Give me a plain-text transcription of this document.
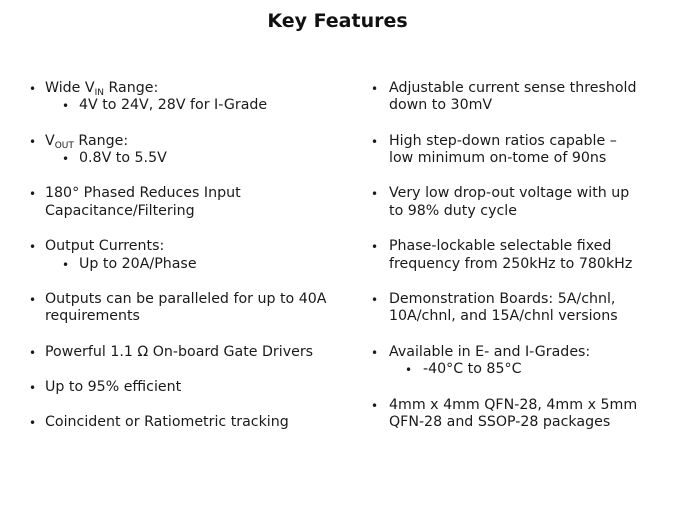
Key Features
• Wide $V_{IN}$ Range:
• 4V to 24V, 28V for I-Grade
• $V_{OUT}$ Range:
• 0.8V to 5.5V
• 180° Phased Reduces Input
Capacitance/Filtering
• Output Currents:
• Up to 20A/Phase
• Outputs can be paralleled for up to 40A
requirements
• Powerful 1.1 Ω On-board Gate Drivers
• Up to 95% efficient
• Coincident or Ratiometric tracking
• Adjustable current sense threshold
down to 30mV
• High step-down ratios capable –
low minimum on-tome of 90ns
• Very low drop-out voltage with up
to 98% duty cycle
• Phase-lockable selectable fixed
frequency from 250kHz to 780kHz
• Demonstration Boards: 5A/chnl,
10A/chnl, and 15A/chnl versions
• Available in E- and I-Grades:
• -40°C to 85°C
• 4mm x 4mm QFN-28, 4mm x 5mm
QFN-28 and SSOP-28 packages
